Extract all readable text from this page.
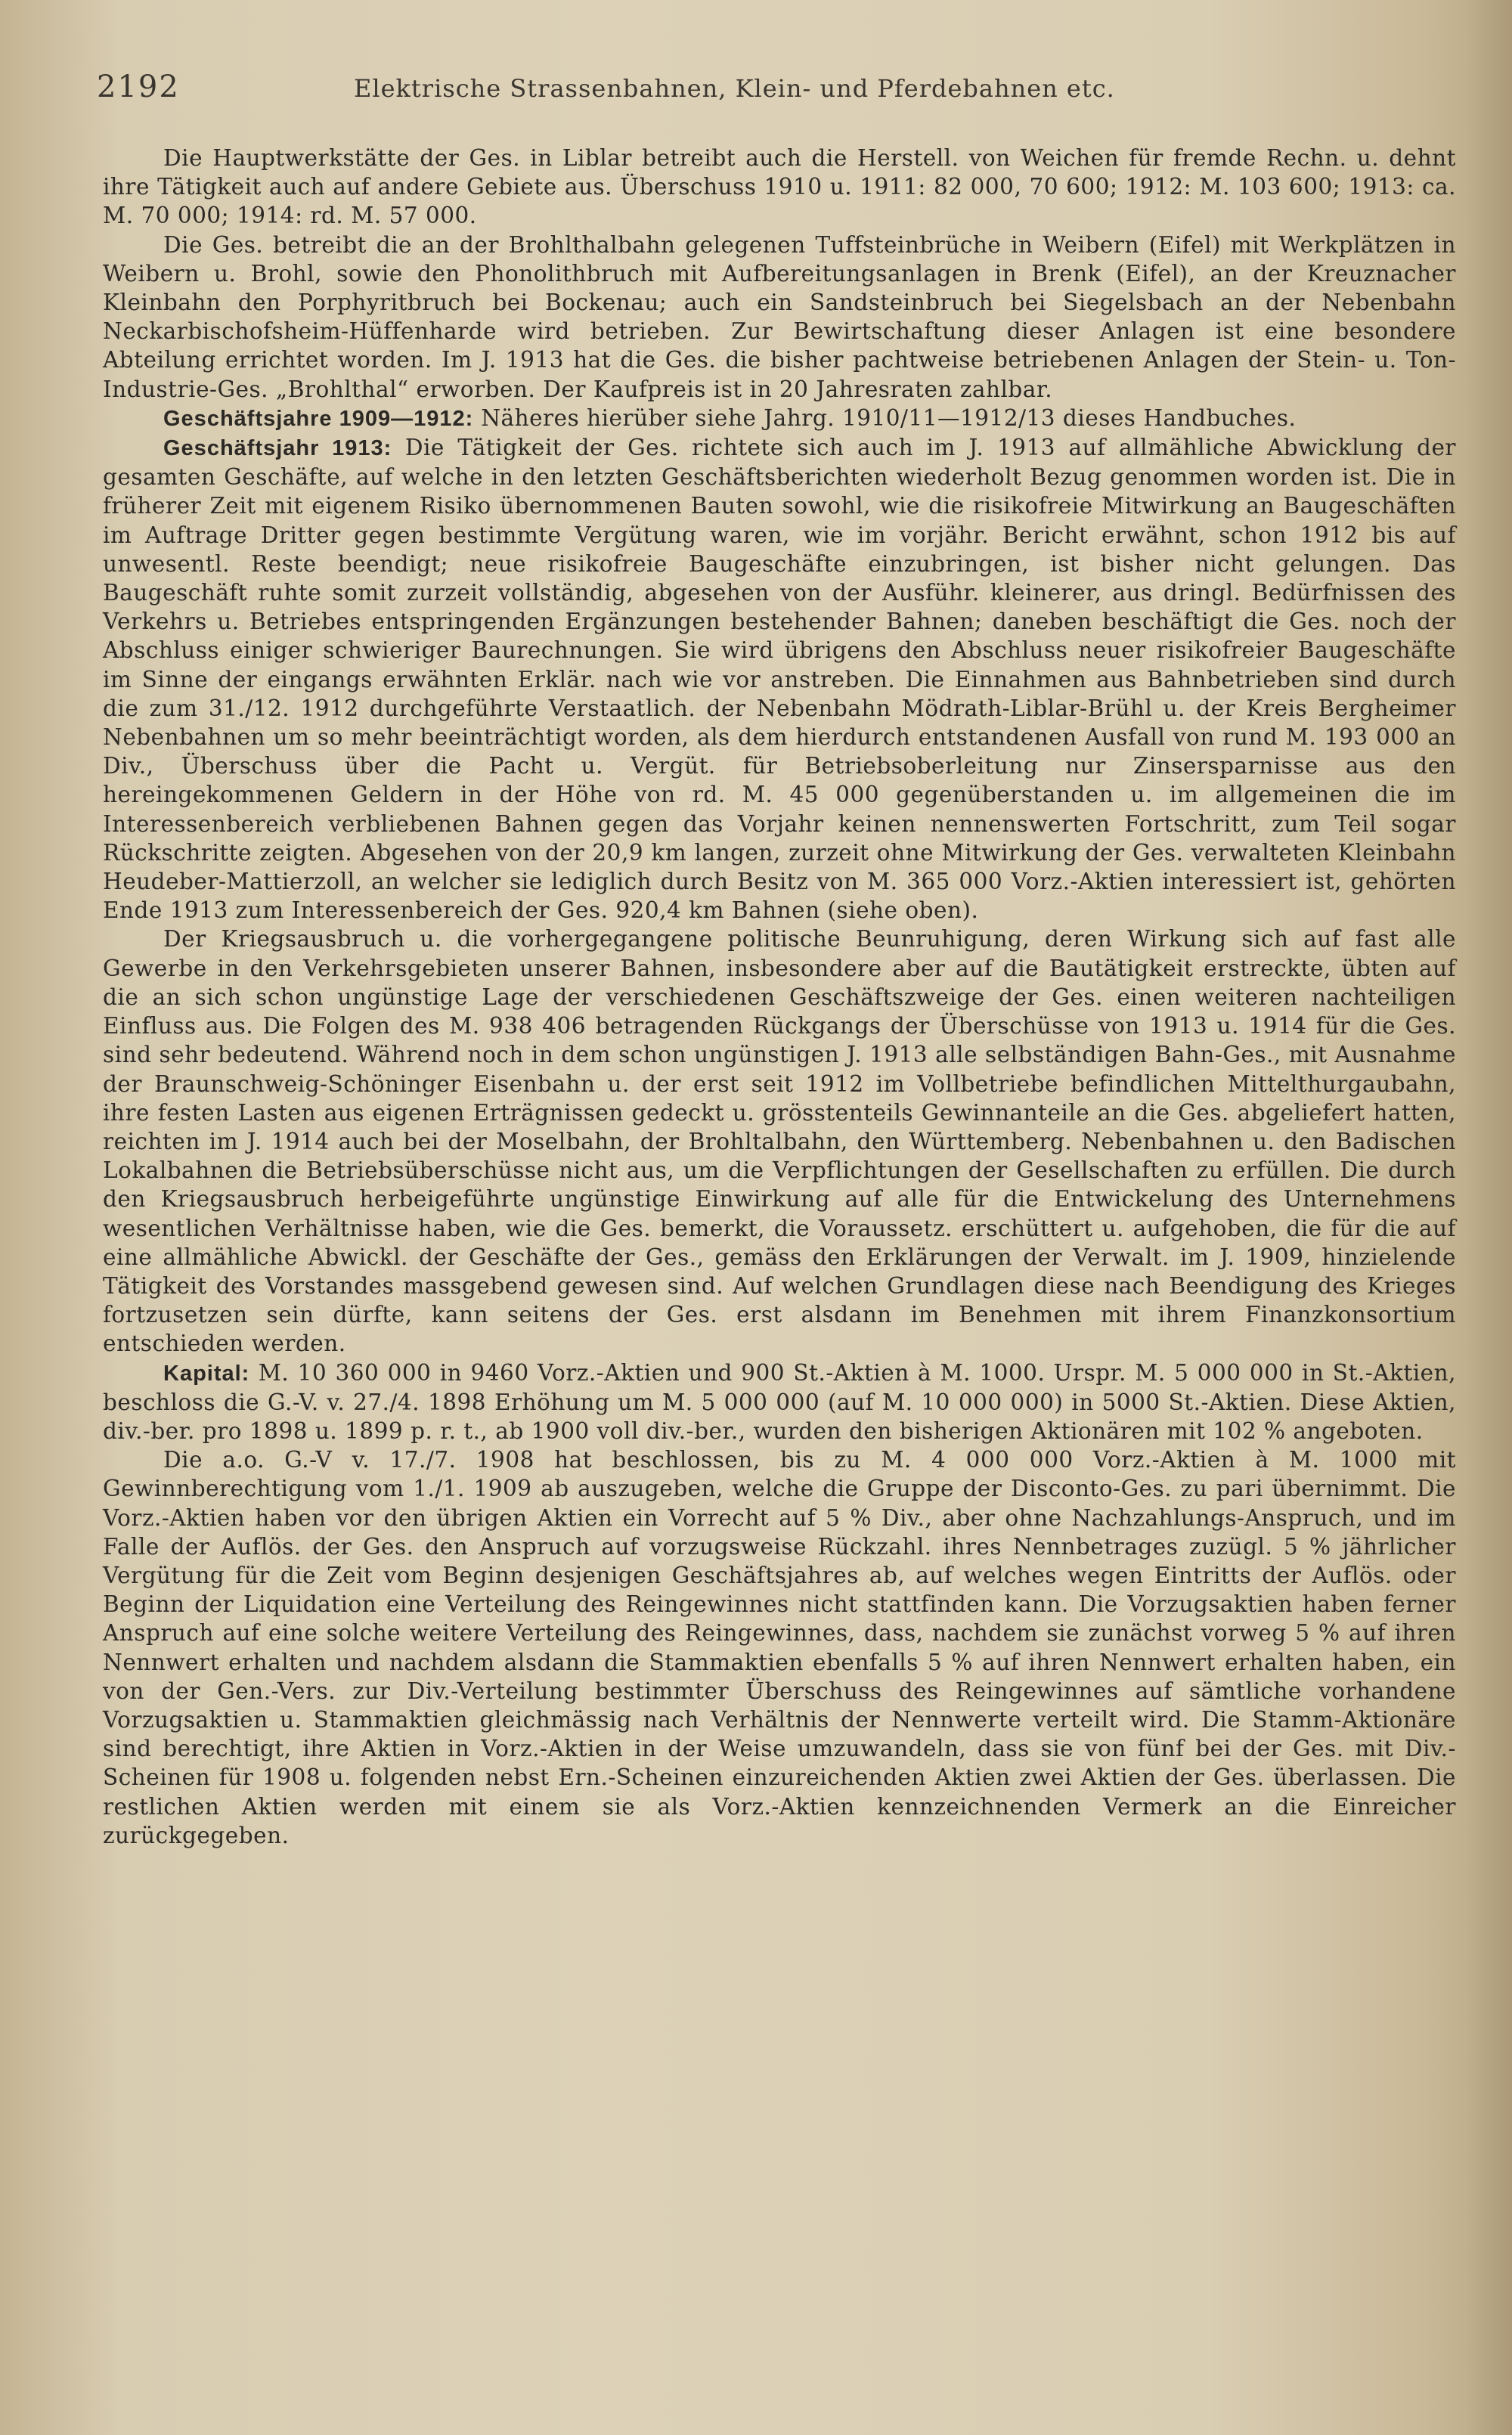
2192	Elektrische Strassenbahnen, Klein- und Pferdebahnen etc.

Die Hauptwerkstätte der Ges. in Liblar betreibt auch die Herstell. von Weichen für fremde Rechn. u. dehnt ihre Tätigkeit auch auf andere Gebiete aus. Überschuss 1910 u. 1911: 82 000, 70 600; 1912: M. 103 600; 1913: ca. M. 70 000; 1914: rd. M. 57 000.

Die Ges. betreibt die an der Brohlthalbahn gelegenen Tuffsteinbrüche in Weibern (Eifel) mit Werkplätzen in Weibern u. Brohl, sowie den Phonolithbruch mit Aufbereitungsanlagen in Brenk (Eifel), an der Kreuznacher Kleinbahn den Porphyritbruch bei Bockenau; auch ein Sandsteinbruch bei Siegelsbach an der Nebenbahn Neckarbischofsheim-Hüffenharde wird betrieben. Zur Bewirtschaftung dieser Anlagen ist eine besondere Abteilung errichtet worden. Im J. 1913 hat die Ges. die bisher pachtweise betriebenen Anlagen der Stein- u. Ton-Industrie-Ges. „Brohlthal“ erworben. Der Kaufpreis ist in 20 Jahresraten zahlbar.

Geschäftsjahre 1909—1912: Näheres hierüber siehe Jahrg. 1910/11—1912/13 dieses Handbuches.

Geschäftsjahr 1913: Die Tätigkeit der Ges. richtete sich auch im J. 1913 auf allmähliche Abwicklung der gesamten Geschäfte, auf welche in den letzten Geschäftsberichten wiederholt Bezug genommen worden ist. Die in früherer Zeit mit eigenem Risiko übernommenen Bauten sowohl, wie die risikofreie Mitwirkung an Baugeschäften im Auftrage Dritter gegen bestimmte Vergütung waren, wie im vorjähr. Bericht erwähnt, schon 1912 bis auf unwesentl. Reste beendigt; neue risikofreie Baugeschäfte einzubringen, ist bisher nicht gelungen. Das Baugeschäft ruhte somit zurzeit vollständig, abgesehen von der Ausführ. kleinerer, aus dringl. Bedürfnissen des Verkehrs u. Betriebes entspringenden Ergänzungen bestehender Bahnen; daneben beschäftigt die Ges. noch der Abschluss einiger schwieriger Baurechnungen. Sie wird übrigens den Abschluss neuer risikofreier Baugeschäfte im Sinne der eingangs erwähnten Erklär. nach wie vor anstreben. Die Einnahmen aus Bahnbetrieben sind durch die zum 31./12. 1912 durchgeführte Verstaatlich. der Nebenbahn Mödrath-Liblar-Brühl u. der Kreis Bergheimer Nebenbahnen um so mehr beeinträchtigt worden, als dem hierdurch entstandenen Ausfall von rund M. 193 000 an Div., Überschuss über die Pacht u. Vergüt. für Betriebsoberleitung nur Zinsersparnisse aus den hereingekommenen Geldern in der Höhe von rd. M. 45 000 gegenüberstanden u. im allgemeinen die im Interessenbereich verbliebenen Bahnen gegen das Vorjahr keinen nennenswerten Fortschritt, zum Teil sogar Rückschritte zeigten. Abgesehen von der 20,9 km langen, zurzeit ohne Mitwirkung der Ges. verwalteten Kleinbahn Heudeber-Mattierzoll, an welcher sie lediglich durch Besitz von M. 365 000 Vorz.-Aktien interessiert ist, gehörten Ende 1913 zum Interessenbereich der Ges. 920,4 km Bahnen (siehe oben).

Der Kriegsausbruch u. die vorhergegangene politische Beunruhigung, deren Wirkung sich auf fast alle Gewerbe in den Verkehrsgebieten unserer Bahnen, insbesondere aber auf die Bautätigkeit erstreckte, übten auf die an sich schon ungünstige Lage der verschiedenen Geschäftszweige der Ges. einen weiteren nachteiligen Einfluss aus. Die Folgen des M. 938 406 betragenden Rückgangs der Überschüsse von 1913 u. 1914 für die Ges. sind sehr bedeutend. Während noch in dem schon ungünstigen J. 1913 alle selbständigen Bahn-Ges., mit Ausnahme der Braunschweig-Schöninger Eisenbahn u. der erst seit 1912 im Vollbetriebe befindlichen Mittelthurgaubahn, ihre festen Lasten aus eigenen Erträgnissen gedeckt u. grösstenteils Gewinnanteile an die Ges. abgeliefert hatten, reichten im J. 1914 auch bei der Moselbahn, der Brohltalbahn, den Württemberg. Nebenbahnen u. den Badischen Lokalbahnen die Betriebsüberschüsse nicht aus, um die Verpflichtungen der Gesellschaften zu erfüllen. Die durch den Kriegsausbruch herbeigeführte ungünstige Einwirkung auf alle für die Entwickelung des Unternehmens wesentlichen Verhältnisse haben, wie die Ges. bemerkt, die Voraussetz. erschüttert u. aufgehoben, die für die auf eine allmähliche Abwickl. der Geschäfte der Ges., gemäss den Erklärungen der Verwalt. im J. 1909, hinzielende Tätigkeit des Vorstandes massgebend gewesen sind. Auf welchen Grundlagen diese nach Beendigung des Krieges fortzusetzen sein dürfte, kann seitens der Ges. erst alsdann im Benehmen mit ihrem Finanzkonsortium entschieden werden.

Kapital: M. 10 360 000 in 9460 Vorz.-Aktien und 900 St.-Aktien à M. 1000. Urspr. M. 5 000 000 in St.-Aktien, beschloss die G.-V. v. 27./4. 1898 Erhöhung um M. 5 000 000 (auf M. 10 000 000) in 5000 St.-Aktien. Diese Aktien, div.-ber. pro 1898 u. 1899 p. r. t., ab 1900 voll div.-ber., wurden den bisherigen Aktionären mit 102 % angeboten.

Die a.o. G.-V v. 17./7. 1908 hat beschlossen, bis zu M. 4 000 000 Vorz.-Aktien à M. 1000 mit Gewinnberechtigung vom 1./1. 1909 ab auszugeben, welche die Gruppe der Disconto-Ges. zu pari übernimmt. Die Vorz.-Aktien haben vor den übrigen Aktien ein Vorrecht auf 5 % Div., aber ohne Nachzahlungs-Anspruch, und im Falle der Auflös. der Ges. den Anspruch auf vorzugsweise Rückzahl. ihres Nennbetrages zuzügl. 5 % jährlicher Vergütung für die Zeit vom Beginn desjenigen Geschäftsjahres ab, auf welches wegen Eintritts der Auflös. oder Beginn der Liquidation eine Verteilung des Reingewinnes nicht stattfinden kann. Die Vorzugsaktien haben ferner Anspruch auf eine solche weitere Verteilung des Reingewinnes, dass, nachdem sie zunächst vorweg 5 % auf ihren Nennwert erhalten und nachdem alsdann die Stammaktien ebenfalls 5 % auf ihren Nennwert erhalten haben, ein von der Gen.-Vers. zur Div.-Verteilung bestimmter Überschuss des Reingewinnes auf sämtliche vorhandene Vorzugsaktien u. Stammaktien gleichmässig nach Verhältnis der Nennwerte verteilt wird. Die Stamm-Aktionäre sind berechtigt, ihre Aktien in Vorz.-Aktien in der Weise umzuwandeln, dass sie von fünf bei der Ges. mit Div.-Scheinen für 1908 u. folgenden nebst Ern.-Scheinen einzureichenden Aktien zwei Aktien der Ges. überlassen. Die restlichen Aktien werden mit einem sie als Vorz.-Aktien kennzeichnenden Vermerk an die Einreicher zurückgegeben.
